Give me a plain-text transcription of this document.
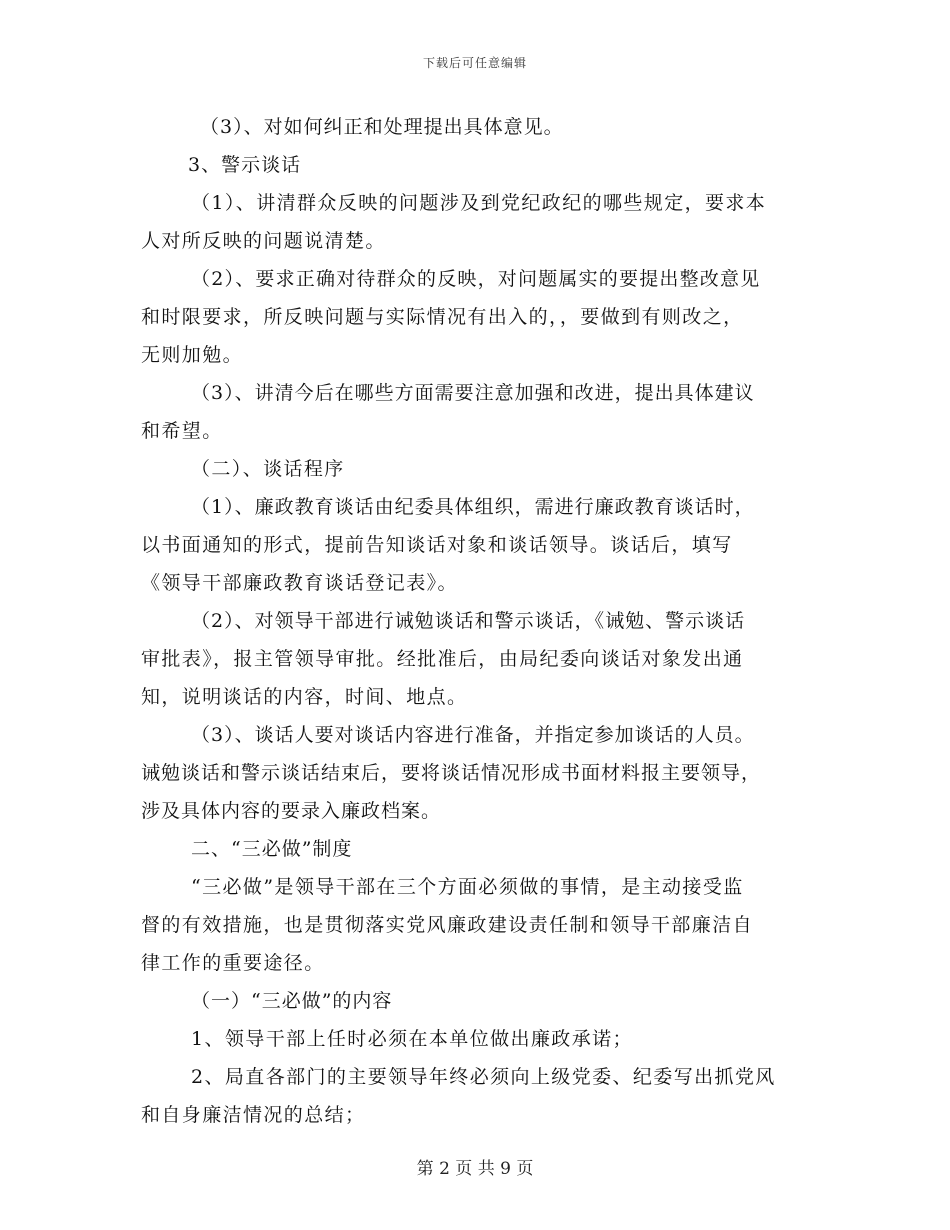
下载后可任意编辑
（3）、对如何纠正和处理提出具体意见。
3、警示谈话
（1）、讲清群众反映的问题涉及到党纪政纪的哪些规定，要求本
人对所反映的问题说清楚。
（2）、要求正确对待群众的反映，对问题属实的要提出整改意见
和时限要求，所反映问题与实际情况有出入的，，要做到有则改之，
无则加勉。
（3）、讲清今后在哪些方面需要注意加强和改进，提出具体建议
和希望。
（二）、谈话程序
（1）、廉政教育谈话由纪委具体组织，需进行廉政教育谈话时，
以书面通知的形式，提前告知谈话对象和谈话领导。谈话后，填写
《领导干部廉政教育谈话登记表》。
（2）、对领导干部进行诫勉谈话和警示谈话，《诫勉、警示谈话
审批表》，报主管领导审批。经批准后，由局纪委向谈话对象发出通
知，说明谈话的内容，时间、地点。
（3）、谈话人要对谈话内容进行准备，并指定参加谈话的人员。
诫勉谈话和警示谈话结束后，要将谈话情况形成书面材料报主要领导，
涉及具体内容的要录入廉政档案。
二、“三必做”制度
“三必做”是领导干部在三个方面必须做的事情，是主动接受监
督的有效措施，也是贯彻落实党风廉政建设责任制和领导干部廉洁自
律工作的重要途径。
（一）“三必做”的内容
1、领导干部上任时必须在本单位做出廉政承诺；
2、局直各部门的主要领导年终必须向上级党委、纪委写出抓党风
和自身廉洁情况的总结；
第 2 页 共 9 页
